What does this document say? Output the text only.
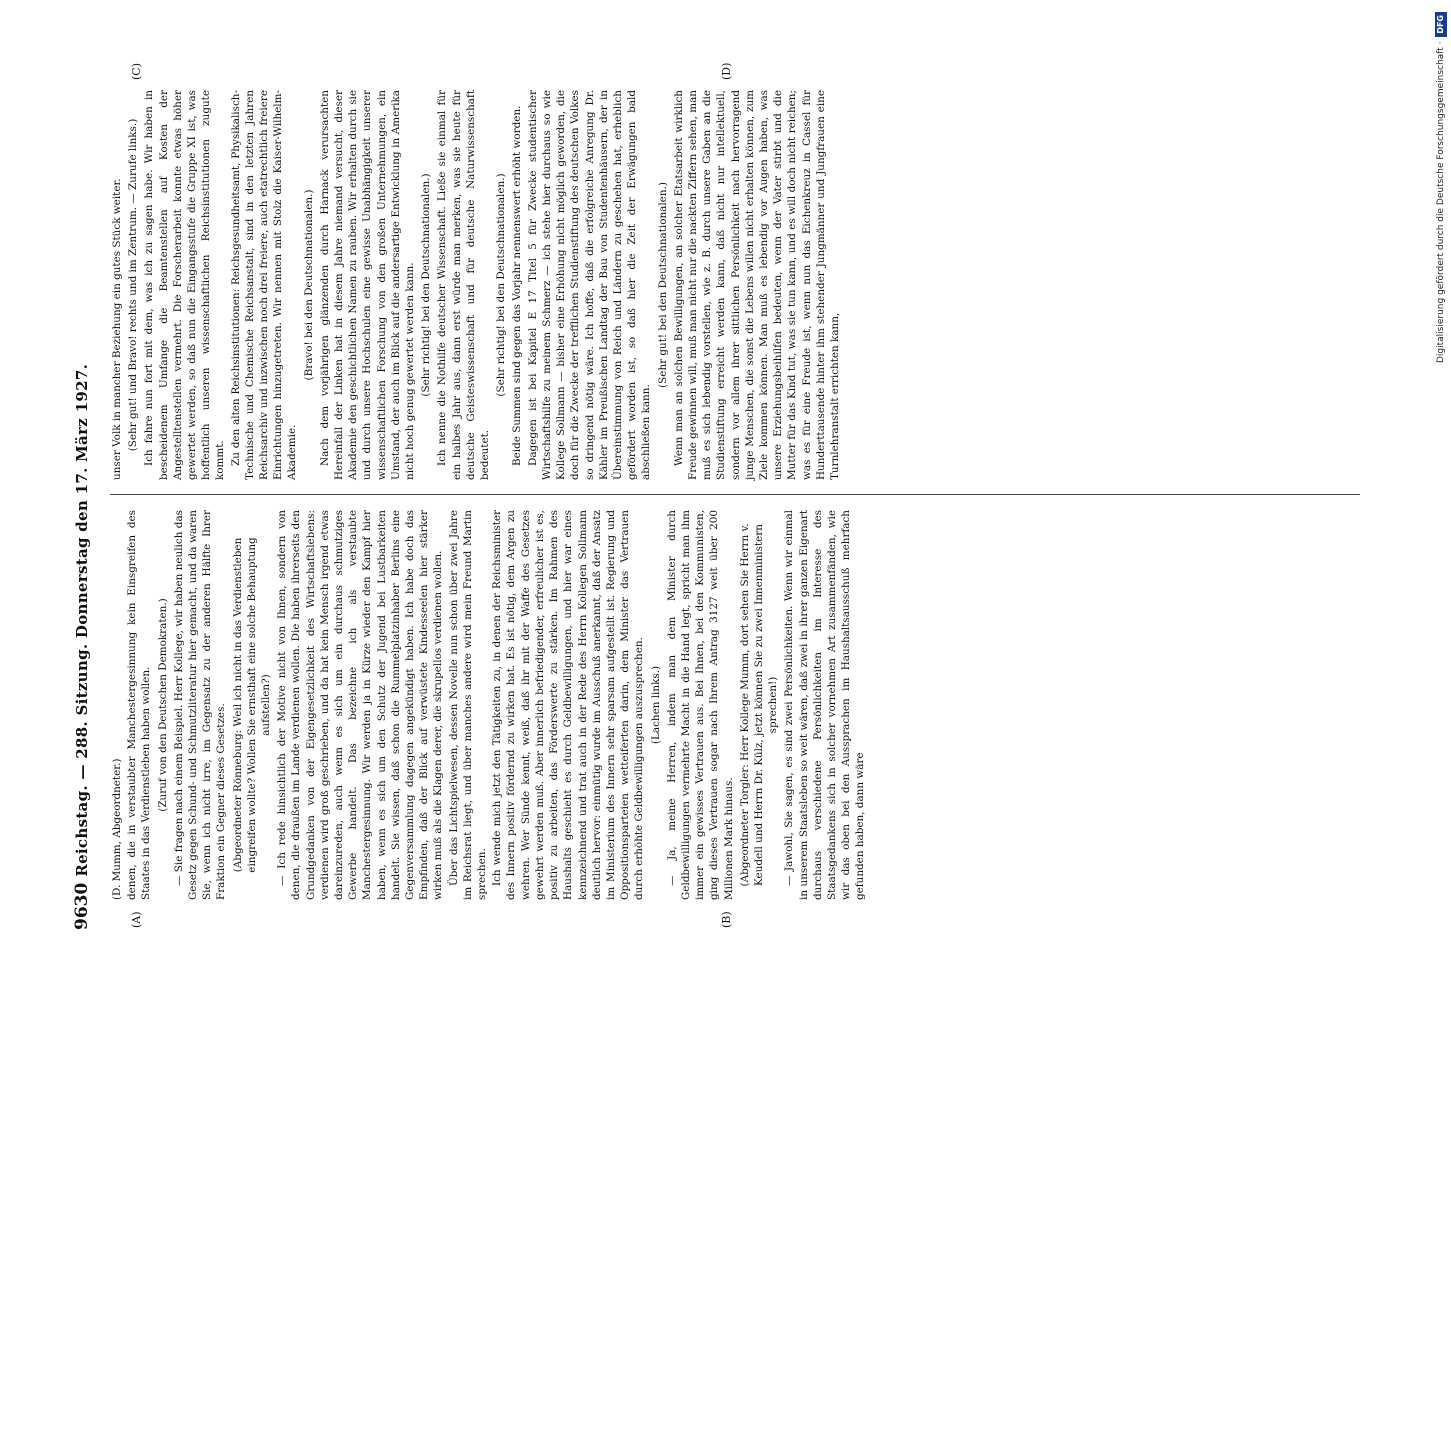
9630
Reichstag. — 288. Sitzung. Donnerstag den 17. März 1927.
(A)	(B)
(C)	(D)
(D. Mumm, Abgeordneter.) denen, die in verstaubter Manchestergesinnung kein Einsgreifen des Staates in das Verdienstleben haben wollen. (Zuruf von den Deutschen Demokraten.) — Sie fragen nach einem Beispiel. Herr Kollege, wir haben neulich das Gesetz gegen Schund- und Schmutzliteratur hier gemacht, und da waren Sie, wenn ich nicht irre, im Gegensatz zu der anderen Hälfte Ihrer Fraktion ein Gegner dieses Gesetzes. (Abgeordneter Rönneburg: Weil ich nicht in das Verdienstleben eingreifen wollte? Wollen Sie ernsthaft eine solche Behauptung aufstellen?) — Ich rede hinsichtlich der Motive nicht von Ihnen, sondern von denen, die draußen im Lande verdienen wollen. Die haben ihrerseits den Grundgedanken von der Eigengesetzlichkeit des Wirtschaftslebens: verdienen wird groß geschrieben, und da hat kein Mensch irgend etwas dareinzureden, auch wenn es sich um ein durchaus schmutziges Gewerbe handelt. Das bezeichne ich als verstaubte Manchestergesinnung. Wir werden ja in Kürze wieder den Kampf hier haben, wenn es sich um den Schutz der Jugend bei Lustbarkeiten handelt. Sie wissen, daß schon die Rummelplatzinhaber Berlins eine Gegenversammlung dagegen angekündigt haben. Ich habe doch das Empfinden, daß der Blick auf verwüstete Kindesseelen hier stärker wirken muß als die Klagen derer, die skrupellos verdienen wollen. Über das Lichtspielwesen, dessen Novelle nun schon über zwei Jahre im Reichsrat liegt, und über manches andere wird mein Freund Martin sprechen. Ich wende mich jetzt den Tätigkeiten zu, in denen der Reichsminister des Innern positiv fördernd zu wirken hat. Es ist nötig, dem Argen zu wehren. Wer Sünde kennt, weiß, daß ihr mit der Waffe des Gesetzes gewehrt werden muß. Aber innerlich befriedigender, erfreulicher ist es, positiv zu arbeiten, das Förderswerte zu stärken. Im Rahmen des Haushalts geschieht es durch Geldbewilligungen, und hier war eines kennzeichnend und trat auch in der Rede des Herrn Kollegen Sollmann deutlich hervor: einmütig wurde im Ausschuß anerkannt, daß der Ansatz im Ministerium des Innern sehr sparsam aufgestellt ist. Regierung und Oppositionsparteien wetteiferten darin, dem Minister das Vertrauen durch erhöhte Geldbewilligungen auszusprechen. (Lachen links.) — Ja, meine Herren, indem man dem Minister durch Geldbewilligungen vermehrte Macht in die Hand legt, spricht man ihm immer ein gewisses Vertrauen aus. Bei Ihnen, bei den Kommunisten, ging dieses Vertrauen sogar nach Ihrem Antrag 3127 weit über 200 Millionen Mark hinaus. (Abgeordneter Torgler: Herr Kollege Mumm, dort sehen Sie Herrn v. Keudell und Herrn Dr. Külz, jetzt können Sie zu zwei Innenministern sprechen!) — Jawohl, Sie sagen, es sind zwei Persönlichkeiten. Wenn wir einmal in unserem Staatsleben so weit wären, daß zwei in ihrer ganzen Eigenart durchaus verschiedene Persönlichkeiten im Interesse des Staatsgedankens sich in solcher vornehmen Art zusammenfänden, wie wir das oben bei den Aussprachen im Haushaltsausschuß mehrfach gefunden haben, dann wäre
unser Volk in mancher Beziehung ein gutes Stück weiter. (Sehr gut! und Bravo! rechts und im Zentrum. — Zurufe links.) Ich fahre nun fort mit dem, was ich zu sagen habe. Wir haben in bescheidenem Umfange die Beamtenstellen auf Kosten der Angestelltenstellen vermehrt. Die Forscherarbeit konnte etwas höher gewertet werden, so daß nun die Eingangsstufe die Gruppe XI ist, was hoffentlich unseren wissenschaftlichen Reichsinstitutionen zugute kommt. Zu den alten Reichsinstitutionen: Reichsgesundheitsamt, Physikalisch-Technische und Chemische Reichsanstalt, sind in den letzten Jahren Reichsarchiv und inzwischen noch drei freiere, auch etatrechtlich freiere Einrichtungen hinzugetreten. Wir nennen mit Stolz die Kaiser-Wilhelm-Akademie.
(Bravo! bei den Deutschnationalen.) Nach dem vorjährigen glänzenden durch Harnack verursachten Hereinfall der Linken hat in diesem Jahre niemand versucht, dieser Akademie den geschichtlichen Namen zu rauben. Wir erhalten durch sie und durch unsere Hochschulen eine gewisse Unabhängigkeit unserer wissenschaftlichen Forschung von den großen Unternehmungen, ein Umstand, der auch im Blick auf die andersartige Entwicklung in Amerika nicht hoch genug gewertet werden kann. (Sehr richtig! bei den Deutschnationalen.) Ich nenne die Nothilfe deutscher Wissenschaft. Ließe sie einmal für ein halbes Jahr aus, dann erst würde man merken, was sie heute für deutsche Geisteswissenschaft und für deutsche Naturwissenschaft bedeutet.
(Sehr richtig! bei den Deutschnationalen.) Beide Summen sind gegen das Vorjahr nennenswert erhöht worden. Dagegen ist bei Kapitel E 17 Titel 5 für Zwecke studentischer Wirtschaftshilfe zu meinem Schmerz — ich stehe hier durchaus so wie Kollege Sollmann — bisher eine Erhöhung nicht möglich geworden, die doch für die Zwecke der trefflichen Studienstiftung des deutschen Volkes so dringend nötig wäre. Ich hoffe, daß die erfolgreiche Anregung Dr. Kähler im Preußischen Landtag der Bau von Studentenhäusern, der in Übereinstimmung von Reich und Ländern zu geschehen hat, erheblich gefördert worden ist, so daß hier die Zeit der Erwägungen bald abschließen kann.
(Sehr gut! bei den Deutschnationalen.) Wenn man an solchen Bewilligungen, an solcher Etatsarbeit wirklich Freude gewinnen will, muß man nicht nur die nackten Ziffern sehen, man muß es sich lebendig vorstellen, wie z. B. durch unsere Gaben an die Studienstiftung erreicht werden kann, daß nicht nur intellektuell, sondern vor allem ihrer sittlichen Persönlichkeit nach hervorragend junge Menschen, die sonst die Lebens willen nicht erhalten können, zum Ziele kommen können. Man muß es lebendig vor Augen haben, was unsere Erziehungsbeihilfen bedeuten, wenn der Vater stirbt und die Mutter für das Kind tut, was sie tun kann, und es will doch nicht reichen; was es für eine Freude ist, wenn nun das Eichenkreuz in Cassel für Hunderttausende hinter ihm stehender Jungmänner und Jungfrauen eine Turnlehranstalt errichten kann,
Digitalisierung gefördert durch die Deutsche Forschungsgemeinschaft · DFG
